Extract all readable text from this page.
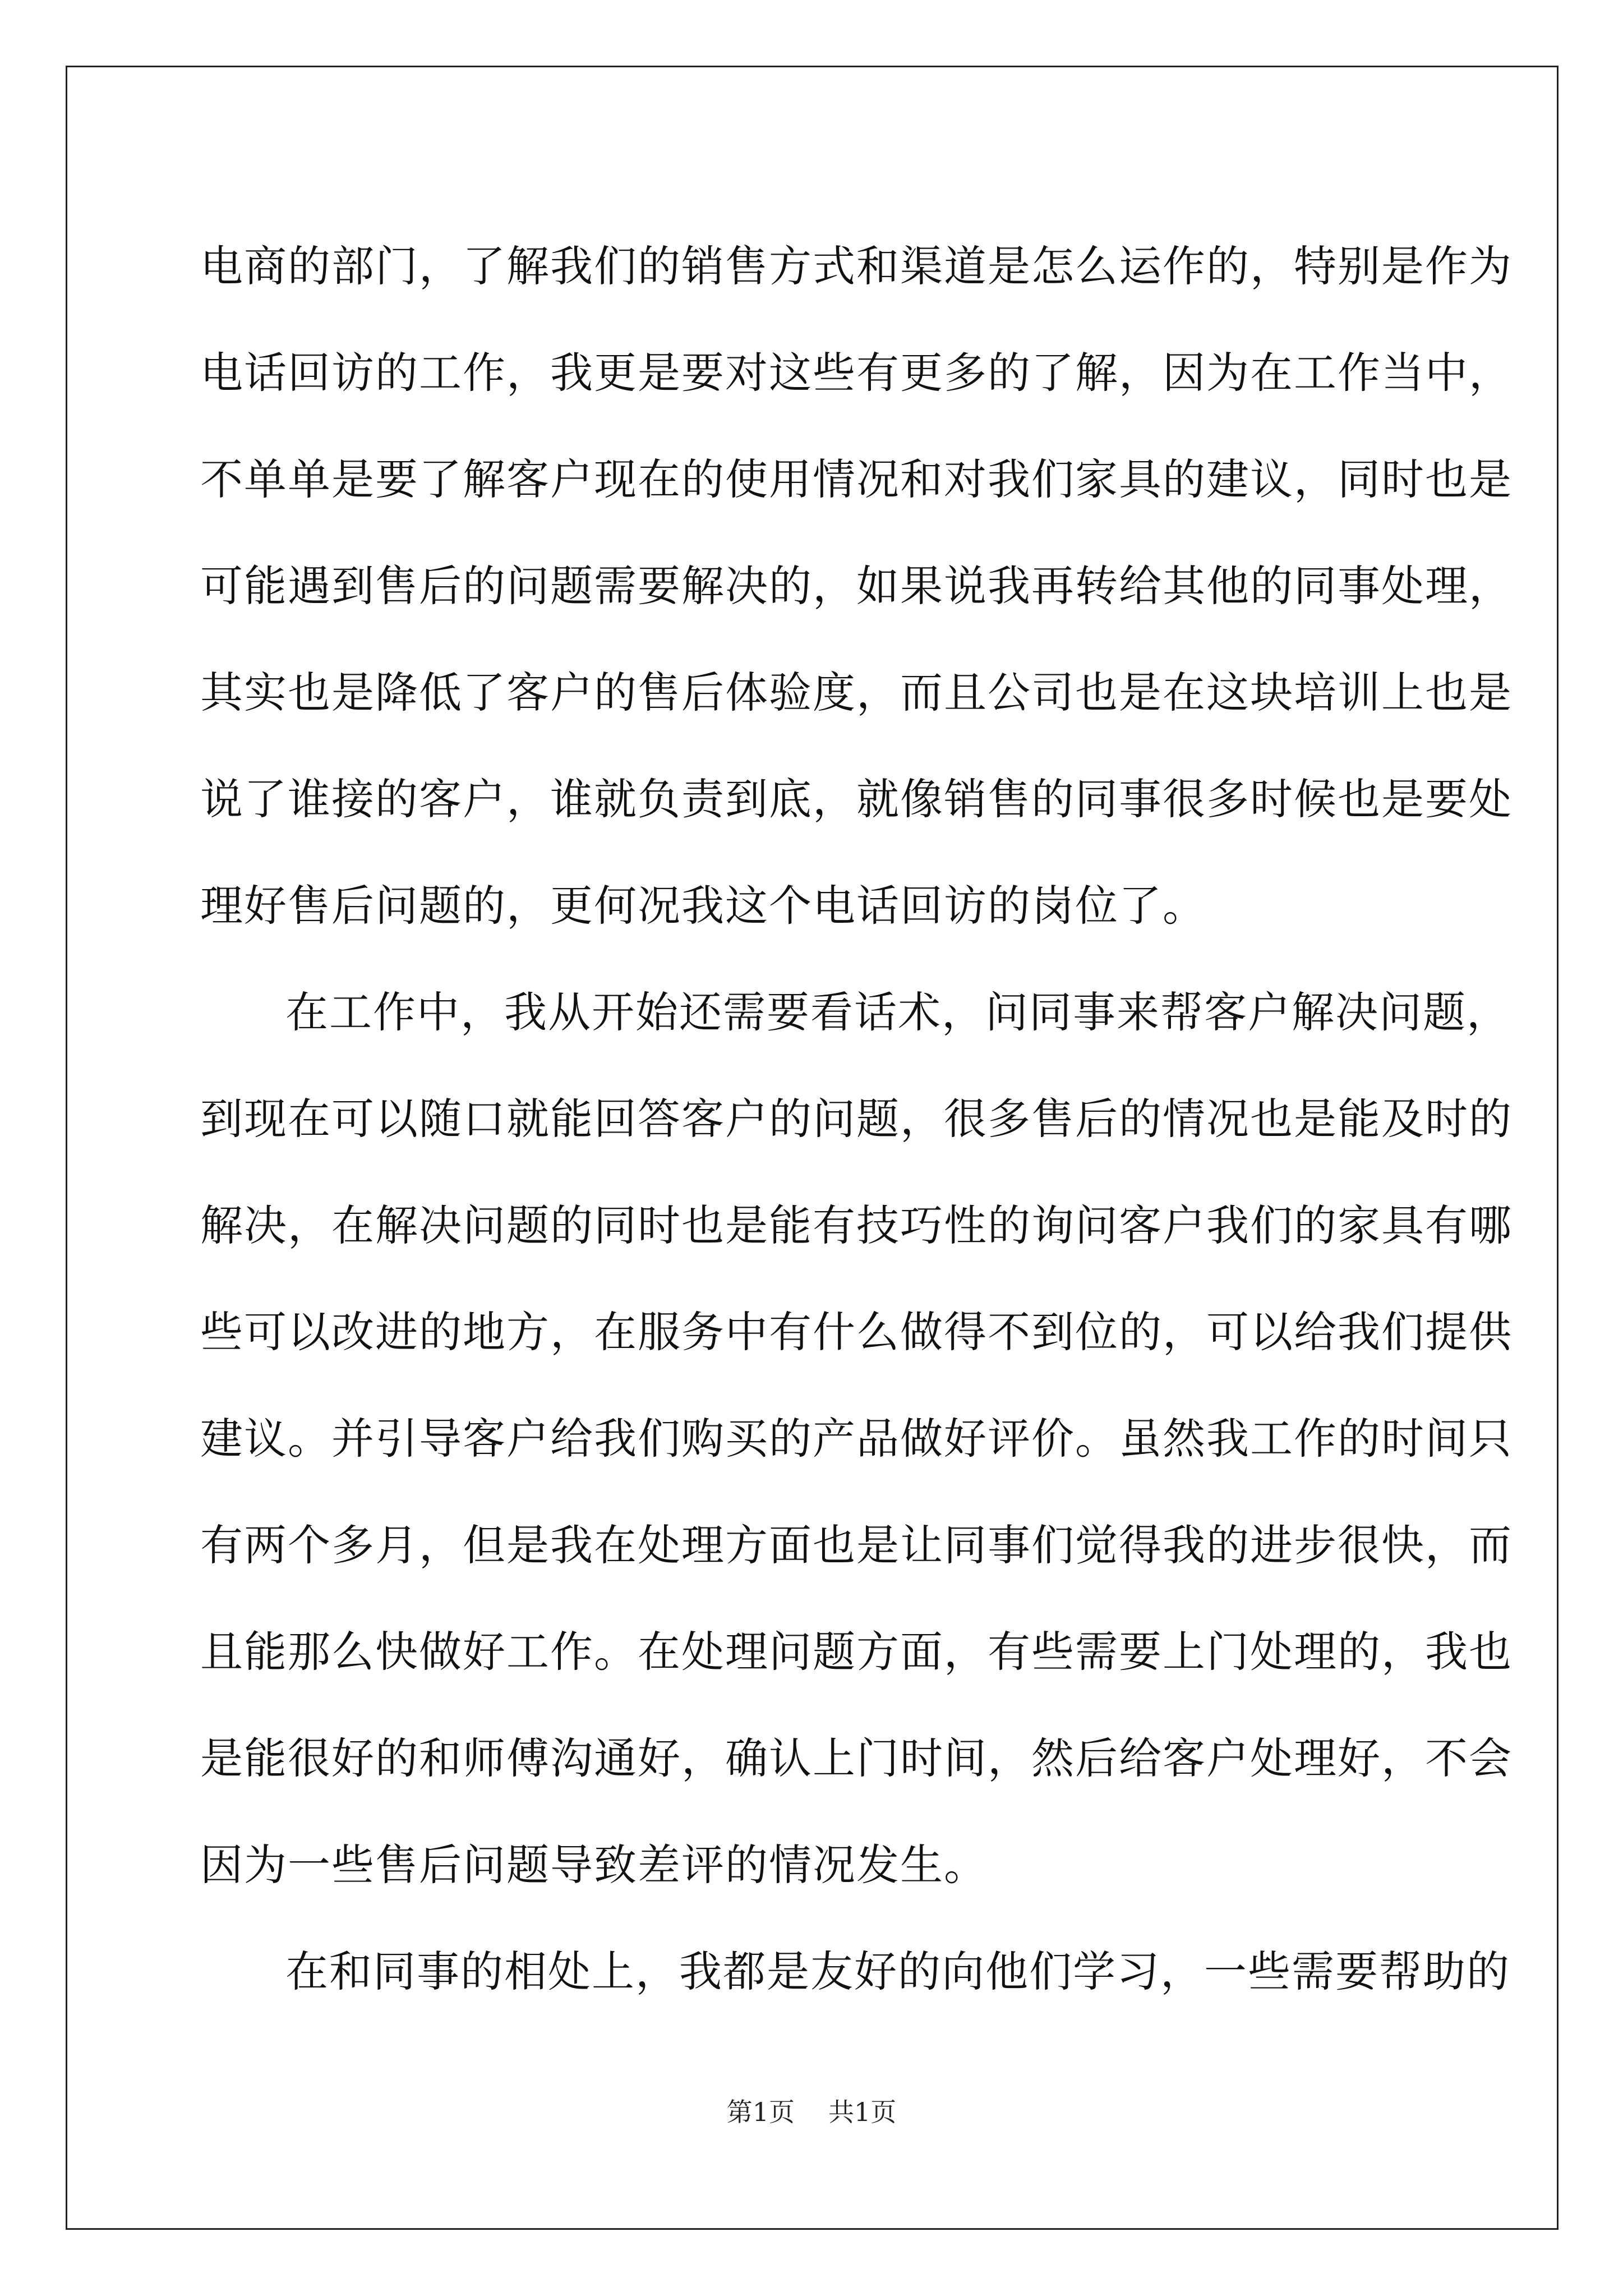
电商的部门，了解我们的销售方式和渠道是怎么运作的，特别是作为
电话回访的工作，我更是要对这些有更多的了解，因为在工作当中，
不单单是要了解客户现在的使用情况和对我们家具的建议，同时也是
可能遇到售后的问题需要解决的，如果说我再转给其他的同事处理，
其实也是降低了客户的售后体验度，而且公司也是在这块培训上也是
说了谁接的客户，谁就负责到底，就像销售的同事很多时候也是要处
理好售后问题的，更何况我这个电话回访的岗位了。
在工作中，我从开始还需要看话术，问同事来帮客户解决问题，
到现在可以随口就能回答客户的问题，很多售后的情况也是能及时的
解决，在解决问题的同时也是能有技巧性的询问客户我们的家具有哪
些可以改进的地方，在服务中有什么做得不到位的，可以给我们提供
建议。并引导客户给我们购买的产品做好评价。虽然我工作的时间只
有两个多月，但是我在处理方面也是让同事们觉得我的进步很快，而
且能那么快做好工作。在处理问题方面，有些需要上门处理的，我也
是能很好的和师傅沟通好，确认上门时间，然后给客户处理好，不会
因为一些售后问题导致差评的情况发生。
在和同事的相处上，我都是友好的向他们学习，一些需要帮助的
第1页 共1页
